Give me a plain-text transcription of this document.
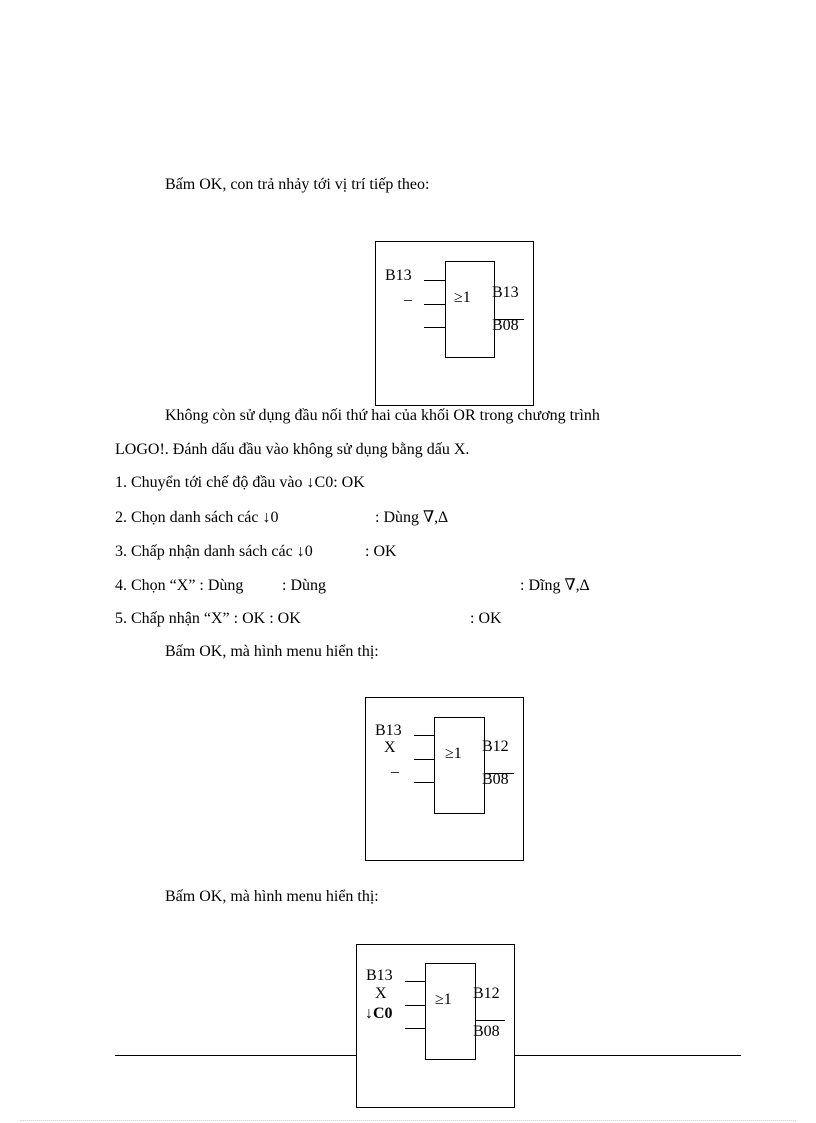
Bấm OK, con trả nhảy tới vị trí tiếp theo:
B13
_	≥1 B13
B08
Không còn sử dụng đầu nối thứ hai của khối OR trong chương trình
LOGO!. Đánh dấu đầu vào không sử dụng bằng dấu X.
1. Chuyển tới chế độ đầu vào ↓C0: OK
2. Chọn danh sách các ↓0	: Dùng ∇,∆
3. Chấp nhận danh sách các ↓0	: OK
4. Chọn “X” : Dùng : Dùng	: Dĩng ∇,∆
5. Chấp nhận “X” : OK : OK	: OK
Bấm OK, mà hình menu hiển thị:
B13
X
_
≥1 B12
B08
Bấm OK, mà hình menu hiển thị:
B13
X
↓C0
≥1 B12
B08
